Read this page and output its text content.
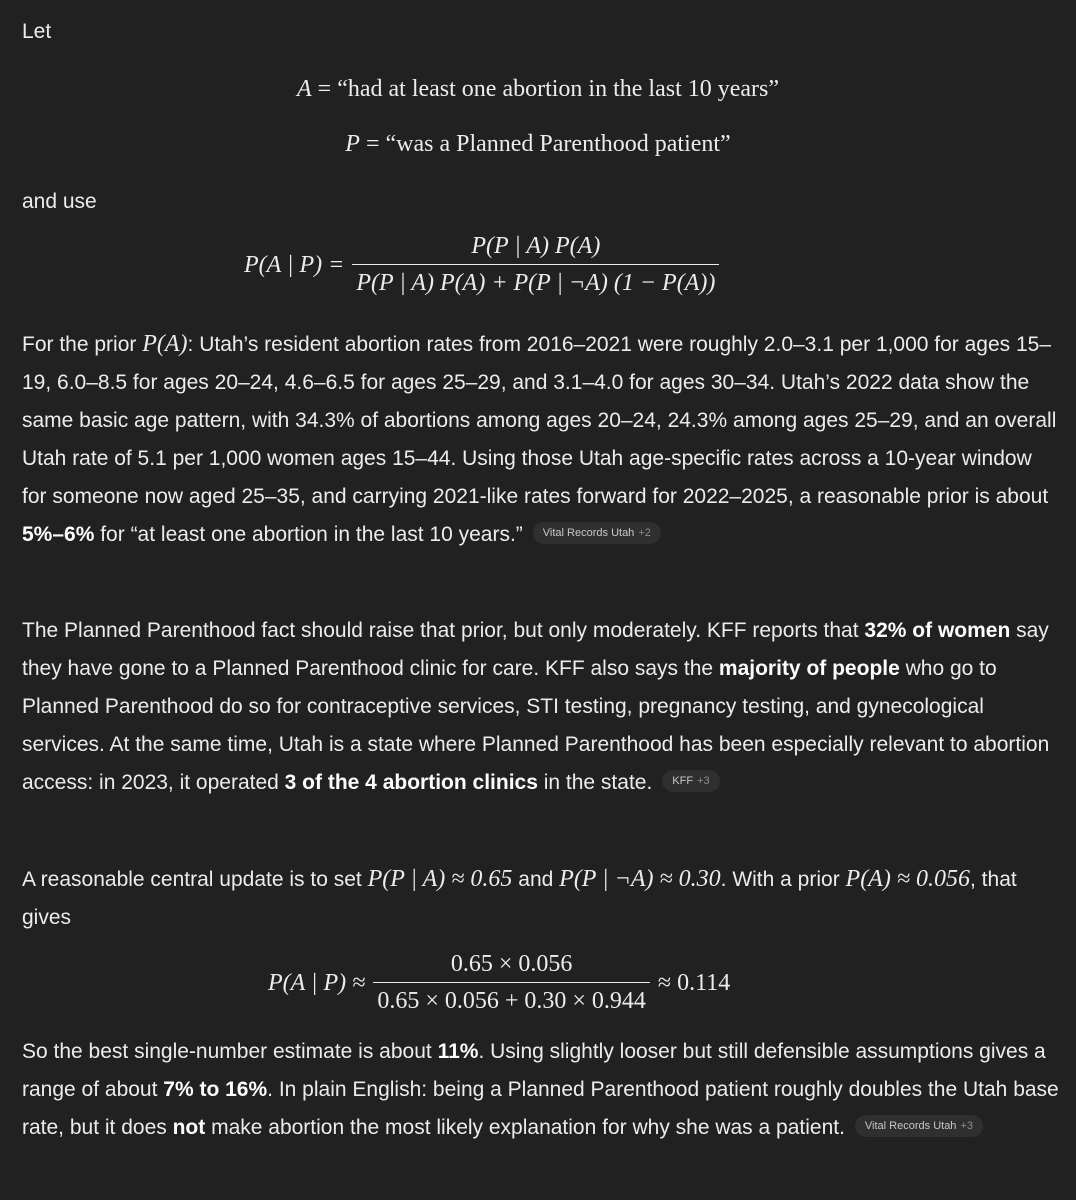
Let

A = “had at least one abortion in the last 10 years”
P = “was a Planned Parenthood patient”

and use

P(A | $P) = \frac{P(P | A) P(A)}{P(P | A) P(A) + P(P | \neg A) (1 - P(A))}$

For the prior P(A): Utah’s resident abortion rates from 2016–2021 were roughly 2.0–3.1 per 1,000 for ages 15–19, 6.0–8.5 for ages 20–24, 4.6–6.5 for ages 25–29, and 3.1–4.0 for ages 30–34. Utah’s 2022 data show the same basic age pattern, with 34.3% of abortions among ages 20–24, 24.3% among ages 25–29, and an overall Utah rate of 5.1 per 1,000 women ages 15–44. Using those Utah age-specific rates across a 10-year window for someone now aged 25–35, and carrying 2021-like rates forward for 2022–2025, a reasonable prior is about 5%–6% for “at least one abortion in the last 10 years.” Vital Records Utah +2

The Planned Parenthood fact should raise that prior, but only moderately. KFF reports that 32% of women say they have gone to a Planned Parenthood clinic for care. KFF also says the majority of people who go to Planned Parenthood do so for contraceptive services, STI testing, pregnancy testing, and gynecological services. At the same time, Utah is a state where Planned Parenthood has been especially relevant to abortion access: in 2023, it operated 3 of the 4 abortion clinics in the state. KFF +3

A reasonable central update is to set P(P | A) ≈ 0.65 and P(P | ¬A) ≈ 0.30. With a prior P(A) ≈ 0.056, that gives

P(A | $P) \approx \frac{0.65 \times 0.056}{0.65 \times 0.056 + 0.30 \times 0.944} \approx 0.114$

So the best single-number estimate is about 11%. Using slightly looser but still defensible assumptions gives a range of about 7% to 16%. In plain English: being a Planned Parenthood patient roughly doubles the Utah base rate, but it does not make abortion the most likely explanation for why she was a patient. Vital Records Utah +3
